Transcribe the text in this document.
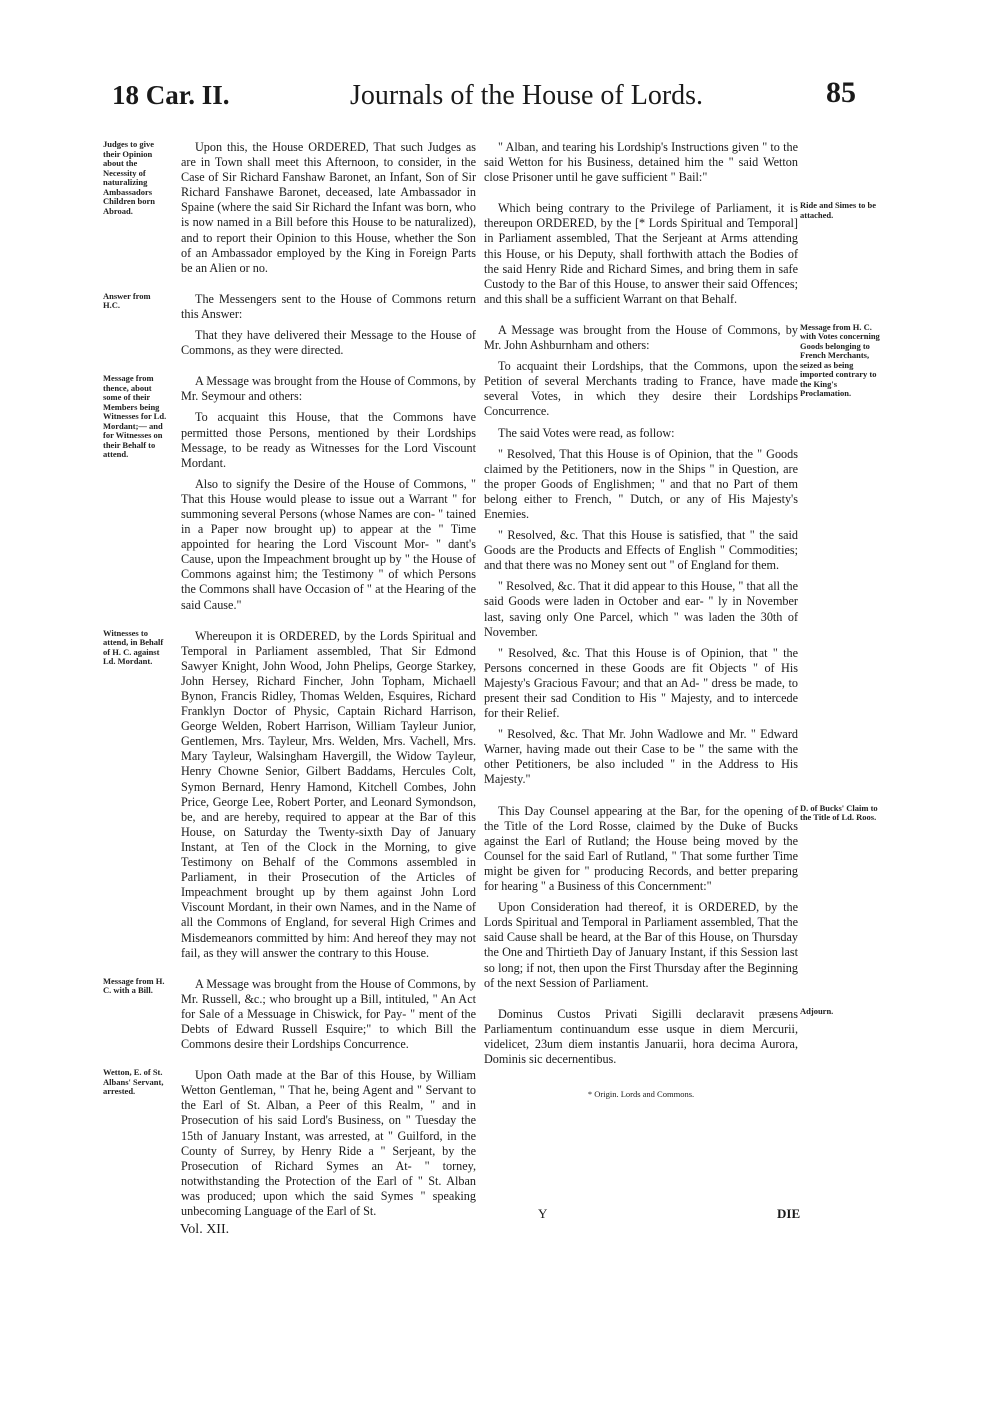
18 Car. II.	Journals of the House of Lords.	85
Judges to give their Opinion about the Necessity of naturalizing Ambassadors Children born Abroad.

Upon this, the House ORDERED, That such Judges as are in Town shall meet this Afternoon, to consider, in the Case of Sir Richard Fanshaw Baronet, an Infant, Son of Sir Richard Fanshawe Baronet, deceased, late Ambassador in Spaine (where the said Sir Richard the Infant was born, who is now named in a Bill before this House to be naturalized), and to report their Opinion to this House, whether the Son of an Ambassador employed by the King in Foreign Parts be an Alien or no.

Answer from H.C.	The Messengers sent to the House of Commons return this Answer:

That they have delivered their Message to the House of Commons, as they were directed.

Message from thence, about some of their Members being Witnesses for Ld. Mordant;— and for Witnesses on their Behalf to attend.

A Message was brought from the House of Commons, by Mr. Seymour and others:

To acquaint this House, that the Commons have permitted those Persons, mentioned by their Lordships Message, to be ready as Witnesses for the Lord Viscount Mordant.

Also to signify the Desire of the House of Commons, " That this House would please to issue out a Warrant " for summoning several Persons (whose Names are con- " tained in a Paper now brought up) to appear at the " Time appointed for hearing the Lord Viscount Mor- " dant's Cause, upon the Impeachment brought up by " the House of Commons against him; the Testimony " of which Persons the Commons shall have Occasion of " at the Hearing of the said Cause."

Witnesses to attend, in Behalf of H. C. against Ld. Mordant.

Whereupon it is ORDERED, by the Lords Spiritual and Temporal in Parliament assembled, That Sir Edmond Sawyer Knight, John Wood, John Phelips, George Starkey, John Hersey, Richard Fincher, John Topham, Michaell Bynon, Francis Ridley, Thomas Welden, Esquires, Richard Franklyn Doctor of Physic, Captain Richard Harrison, George Welden, Robert Harrison, William Tayleur Junior, Gentlemen, Mrs. Tayleur, Mrs. Welden, Mrs. Vachell, Mrs. Mary Tayleur, Walsingham Havergill, the Widow Tayleur, Henry Chowne Senior, Gilbert Baddams, Hercules Colt, Symon Bernard, Henry Hamond, Kitchell Combes, John Price, George Lee, Robert Porter, and Leonard Symondson, be, and are hereby, required to appear at the Bar of this House, on Saturday the Twenty-sixth Day of January Instant, at Ten of the Clock in the Morning, to give Testimony on Behalf of the Commons assembled in Parliament, in their Prosecution of the Articles of Impeachment brought up by them against John Lord Viscount Mordant, in their own Names, and in the Name of all the Commons of England, for several High Crimes and Misdemeanors committed by him: And hereof they may not fail, as they will answer the contrary to this House.

Message from H. C. with a Bill.	A Message was brought from the House of Commons, by Mr. Russell, &c.; who brought up a Bill, intituled, " An Act for Sale of a Messuage in Chiswick, for Pay- " ment of the Debts of Edward Russell Esquire;" to which Bill the Commons desire their Lordships Concurrence.

Wetton, E. of St. Albans' Servant, arrested.

Upon Oath made at the Bar of this House, by William Wetton Gentleman, " That he, being Agent and " Servant to the Earl of St. Alban, a Peer of this Realm, " and in Prosecution of his said Lord's Business, on " Tuesday the 15th of January Instant, was arrested, at " Guilford, in the County of Surrey, by Henry Ride a " Serjeant, by the Prosecution of Richard Symes an At- " torney, notwithstanding the Protection of the Earl of " St. Alban was produced; upon which the said Symes " speaking unbecoming Language of the Earl of St.

" Alban, and tearing his Lordship's Instructions given " to the said Wetton for his Business, detained him the " said Wetton close Prisoner until he gave sufficient " Bail:"

Ride and Simes to be attached.

Which being contrary to the Privilege of Parliament, it is thereupon ORDERED, by the [* Lords Spiritual and Temporal] in Parliament assembled, That the Serjeant at Arms attending this House, or his Deputy, shall forthwith attach the Bodies of the said Henry Ride and Richard Simes, and bring them in safe Custody to the Bar of this House, to answer their said Offences; and this shall be a sufficient Warrant on that Behalf.

Message from H. C. with Votes concerning Goods belonging to French Merchants, seized as being imported contrary to the King's Proclamation.

A Message was brought from the House of Commons, by Mr. John Ashburnham and others:

To acquaint their Lordships, that the Commons, upon the Petition of several Merchants trading to France, have made several Votes, in which they desire their Lordships Concurrence.

The said Votes were read, as follow:

" Resolved, That this House is of Opinion, that the " Goods claimed by the Petitioners, now in the Ships " in Question, are the proper Goods of Englishmen; " and that no Part of them belong either to French, " Dutch, or any of His Majesty's Enemies.

" Resolved, &c. That this House is satisfied, that " the said Goods are the Products and Effects of English " Commodities; and that there was no Money sent out " of England for them.

" Resolved, &c. That it did appear to this House, " that all the said Goods were laden in October and ear- " ly in November last, saving only One Parcel, which " was laden the 30th of November.

" Resolved, &c. That this House is of Opinion, that " the Persons concerned in these Goods are fit Objects " of His Majesty's Gracious Favour; and that an Ad- " dress be made, to present their sad Condition to His " Majesty, and to intercede for their Relief.

" Resolved, &c. That Mr. John Wadlowe and Mr. " Edward Warner, having made out their Case to be " the same with the other Petitioners, be also included " in the Address to His Majesty."

D. of Bucks' Claim to the Title of Ld. Roos.

This Day Counsel appearing at the Bar, for the opening of the Title of the Lord Rosse, claimed by the Duke of Bucks against the Earl of Rutland; the House being moved by the Counsel for the said Earl of Rutland, " That some further Time might be given for " producing Records, and better preparing for hearing " a Business of this Concernment:"

Upon Consideration had thereof, it is ORDERED, by the Lords Spiritual and Temporal in Parliament assembled, That the said Cause shall be heard, at the Bar of this House, on Thursday the One and Thirtieth Day of January Instant, if this Session last so long; if not, then upon the First Thursday after the Beginning of the next Session of Parliament.

Adjourn.

Dominus Custos Privati Sigilli declaravit præsens Parliamentum continuandum esse usque in diem Mercurii, videlicet, 23um diem instantis Januarii, hora decima Aurora, Dominis sic decernentibus.

* Origin. Lords and Commons.
Vol. XII.
Y	DIE
